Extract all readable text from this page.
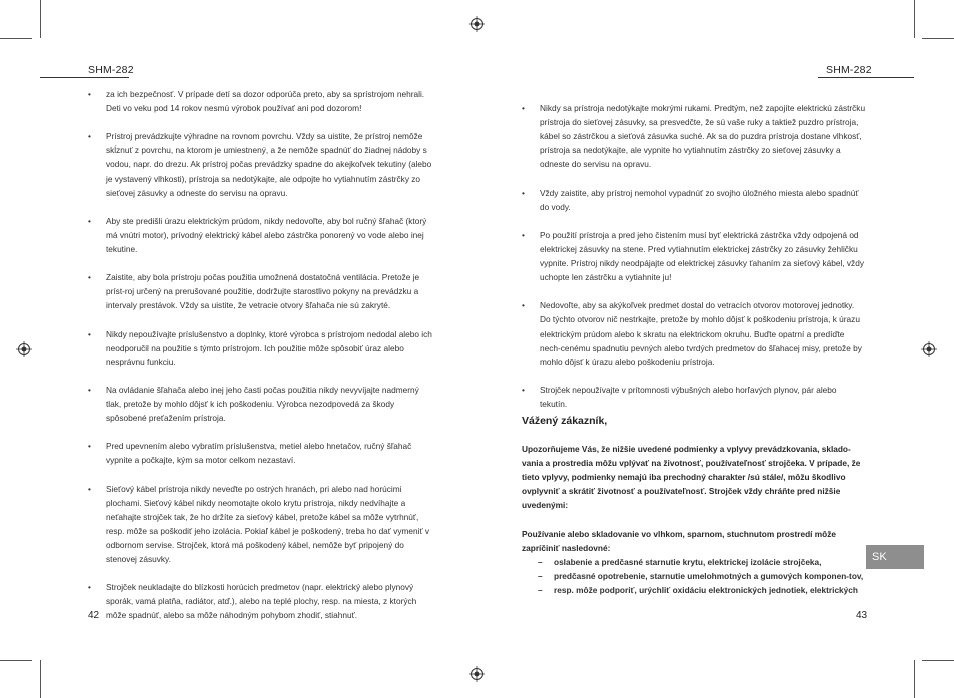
SHM-282

• za ich bezpečnosť. V prípade detí sa dozor odporúča preto, aby sa sprístrojom nehrali. Deti vo veku pod 14 rokov nesmú výrobok používať ani pod dozorom!

• Prístroj prevádzkujte výhradne na rovnom povrchu. Vždy sa uistite, že prístroj nemôže skĺznuť z povrchu, na ktorom je umiestnený, a že nemôže spadnúť do žiadnej nádoby s vodou, napr. do drezu. Ak prístroj počas prevádzky spadne do akejkoľvek tekutiny (alebo je vystavený vlhkosti), prístroja sa nedotýkajte, ale odpojte ho vytiahnutím zástrčky zo sieťovej zásuvky a odneste do servisu na opravu.

• Aby ste predišli úrazu elektrickým prúdom, nikdy nedovoľte, aby bol ručný šľahač (ktorý má vnútri motor), prívodný elektrický kábel alebo zástrčka ponorený vo vode alebo inej tekutine.

• Zaistite, aby bola prístroju počas použitia umožnená dostatočná ventilácia. Pretože je príst-roj určený na prerušované použitie, dodržujte starostlivo pokyny na prevádzku a intervaly prestávok. Vždy sa uistite, že vetracie otvory šľahača nie sú zakryté.

• Nikdy nepoužívajte príslušenstvo a doplnky, ktoré výrobca s prístrojom nedodal alebo ich neodporučil na použitie s týmto prístrojom. Ich použitie môže spôsobiť úraz alebo nesprávnu funkciu.

• Na ovládanie šľahača alebo inej jeho časti počas použitia nikdy nevyvíjajte nadmerný tlak, pretože by mohlo dôjsť k ich poškodeniu. Výrobca nezodpovedá za škody spôsobené preťažením prístroja.

• Pred upevnením alebo vybratím príslušenstva, metiel alebo hnetačov, ručný šľahač vypnite a počkajte, kým sa motor celkom nezastaví.

• Sieťový kábel prístroja nikdy neveďte po ostrých hranách, pri alebo nad horúcimi plochami. Sieťový kábel nikdy neomotajte okolo krytu prístroja, nikdy nedvíhajte a neťahajte strojček tak, že ho držíte za sieťový kábel, pretože kábel sa môže vytrhnúť, resp. môže sa poškodiť jeho izolácia. Pokiaľ kábel je poškodený, treba ho dať vymeniť v odbornom servise. Strojček, ktorá má poškodený kábel, nemôže byť pripojený do stenovej zásuvky.

• Strojček neukladajte do blízkosti horúcich predmetov (napr. elektrický alebo plynový sporák, vamá platňa, radiátor, atď.), alebo na teplé plochy, resp. na miesta, z ktorých môže spadnúť, alebo sa môže náhodným pohybom zhodiť, stiahnuť.

42
SHM-282

• Nikdy sa prístroja nedotýkajte mokrými rukami. Predtým, než zapojíte elektrickú zástrčku prístroja do sieťovej zásuvky, sa presvedčte, že sú vaše ruky a taktiež puzdro prístroja, kábel so zástrčkou a sieťová zásuvka suché. Ak sa do puzdra prístroja dostane vlhkosť, prístroja sa nedotýkajte, ale vypnite ho vytiahnutím zástrčky zo sieťovej zásuvky a odneste do servisu na opravu.

• Vždy zaistite, aby prístroj nemohol vypadnúť zo svojho úložného miesta alebo spadnúť do vody.

• Po použití prístroja a pred jeho čistením musí byť elektrická zástrčka vždy odpojená od elektrickej zásuvky na stene. Pred vytiahnutím elektrickej zástrčky zo zásuvky žehličku vypnite. Prístroj nikdy neodpájajte od elektrickej zásuvky ťahaním za sieťový kábel, vždy uchopte len zástrčku a vytiahnite ju!

• Nedovoľte, aby sa akýkoľvek predmet dostal do vetracích otvorov motorovej jednotky. Do týchto otvorov nič nestrkajte, pretože by mohlo dôjsť k poškodeniu prístroja, k úrazu elektrickým prúdom alebo k skratu na elektrickom okruhu. Buďte opatrní a predíďte nech-cenému spadnutiu pevných alebo tvrdých predmetov do šľahacej misy, pretože by mohlo dôjsť k úrazu alebo poškodeniu prístroja.

• Strojček nepoužívajte v prítomnosti výbušných alebo horľavých plynov, pár alebo tekutín.

Vážený zákazník,

Upozorňujeme Vás, že nižšie uvedené podmienky a vplyvy prevádzkovania, sklado-vania a prostredia môžu vplývať na životnosť, používateľnosť strojčeka. V prípade, že tieto vplyvy, podmienky nemajú iba prechodný charakter /sú stále/, môžu škodlivo ovplyvniť a skrátiť životnosť a používateľnosť. Strojček vždy chráňte pred nižšie uvedenými:

Používanie alebo skladovanie vo vlhkom, sparnom, stuchnutom prostredí môže zapríčiniť nasledovné:

– oslabenie a predčasné starnutie krytu, elektrickej izolácie strojčeka,

– predčasné opotrebenie, starnutie umelohmotných a gumových komponen-tov,

– resp. môže podporiť, urýchliť oxidáciu elektronických jednotiek, elektrických

43
SK
